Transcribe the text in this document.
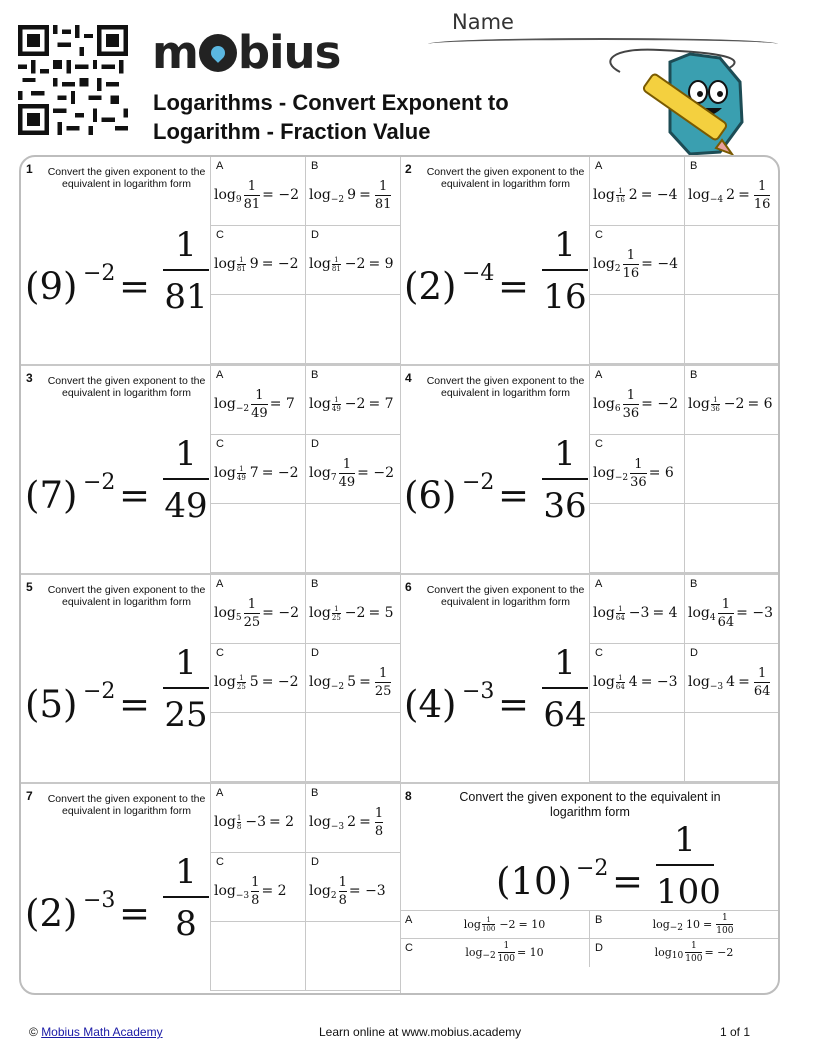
m bius
Logarithms - Convert Exponent to
Logarithm - Fraction Value
Name
1	Convert the given exponent to the equivalent in logarithm form
(9) −2 =
1
81
A
log $_9$
1
81
= −2
B
log $_{-2}$ 9 =
1
81
C
log 1
81 9 = −2
D
log 1
81 −2 = 9
2	Convert the given exponent to the equivalent in logarithm form
(2) −4 =
1
16
A
log 1
16 2 = −4
B
log $_{-4}$ 2 =
1
16
C
log $_2$
1
16
= −4
3	Convert the given exponent to the equivalent in logarithm form
(7) −2 =
1
49
A
log $_{-2}$
1
49
= 7
B
log 1
49 −2 = 7
C
log 1
49 7 = −2
D
log $_7$
1
49
= −2
4	Convert the given exponent to the equivalent in logarithm form
(6) −2 =
1
36
A
log $_6$
1
36
= −2
B
log 1
36 −2 = 6
C
log $_{-2}$
1
36
= 6
5	Convert the given exponent to the equivalent in logarithm form
(5) −2 =
1
25
A
log $_5$
1
25
= −2
B
log 1
25 −2 = 5
C
log 1
25 5 = −2
D
log $_{-2}$ 5 =
1
25
6	Convert the given exponent to the equivalent in logarithm form
(4) −3 =
1
64
A
log 1
64 −3 = 4
B
log $_4$
1
64
= −3
C
log 1
64 4 = −3
D
log $_{-3}$ 4 =
1
64
7	Convert the given exponent to the equivalent in logarithm form
(2) −3 =
1
8
A
log 1
8 −3 = 2
B
log $_{-3}$ 2 =
1
8
C
log $_{-3}$
1
8
= 2
D
log $_2$
1
8
= −3
8	Convert the given exponent to the equivalent in logarithm form
(10) −2 =
1
100
A	log 1
100 −2 = 10	B	log $_{-2}$ 10 = 1
100
C	log $_{-2}$
1
100 = 10	D	log $_{10}$
1
100 = −2
© Mobius Math Academy	Learn online at www.mobius.academy	1 of 1
